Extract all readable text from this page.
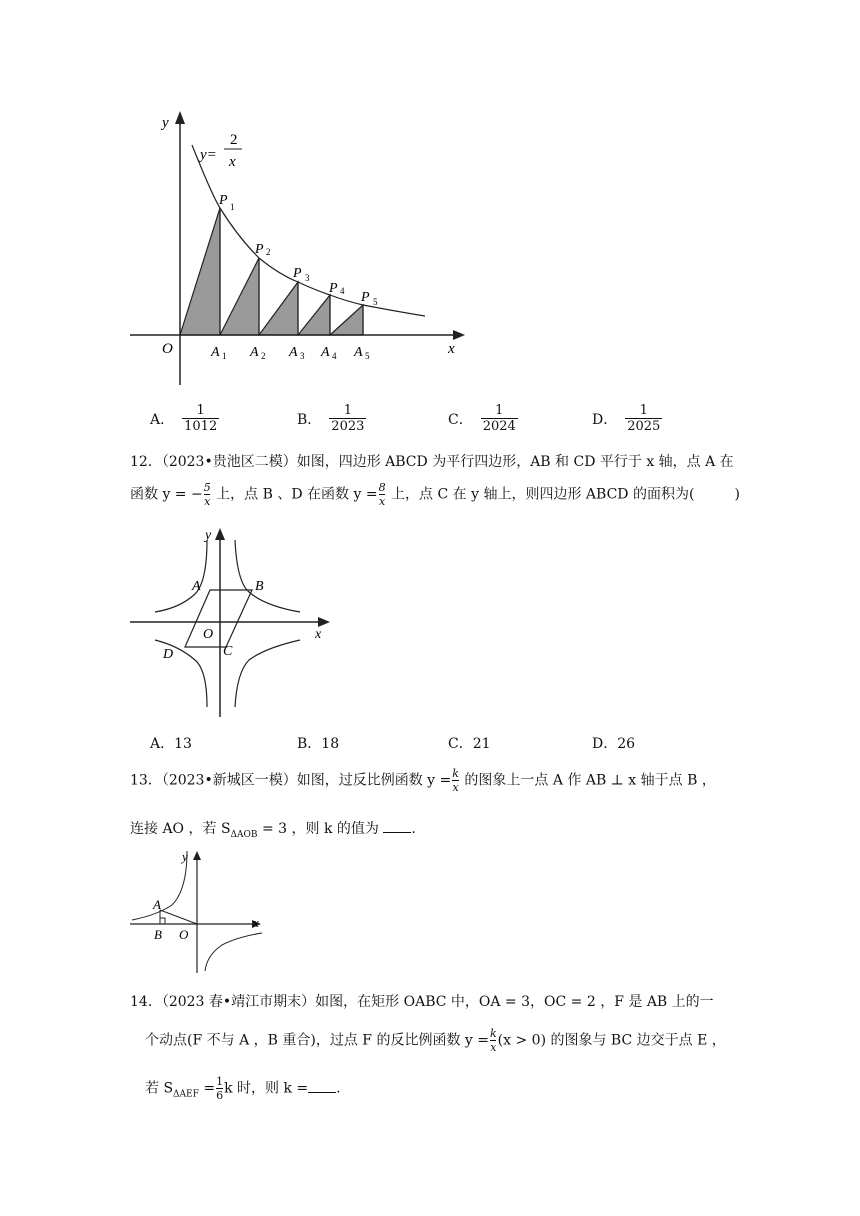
y
x
O
y=
2
x
P 1
P 2
P 3
P 4 P 5
A 1 A 2 A 3 A 4 A 5
A． $\frac{1}{1012}$	B． $\frac{1}{2023}$	C． $\frac{1}{2024}$	D． $\frac{1}{2025}$
12．（2023•贵池区二模）如图，四边形 ABCD 为平行四边形，AB 和 CD 平行于 x 轴，点 A 在
函数 y = − $\frac{5}{x}$ 上，点 B 、D 在函数 $y = \frac{8}{x}$ 上，点 C 在 y 轴上，则四边形 ABCD 的面积为(	)
y
x
A	B
O
C
D
A．13	B．18	C．21	D．26
13．（2023•新城区一模）如图，过反比例函数 $y = \frac{k}{x}$ 的图象上一点 A 作 AB ⊥ x 轴于点 B ，
连接 AO ，若 $S_{\Delta AOB} = 3$ ，则 k 的值为 .
y
x
A
B O
14．（2023 春•靖江市期末）如图，在矩形 OABC 中，OA = 3，OC = 2 ，F 是 AB 上的一
个动点(F 不与 A ，B 重合)，过点 F 的反比例函数 $y = \frac{k}{x} (x > 0)$ 的图象与 BC 边交于点 E ，
若 $S_{\Delta AEF} = \frac{1}{6}$ k 时，则 k = .
